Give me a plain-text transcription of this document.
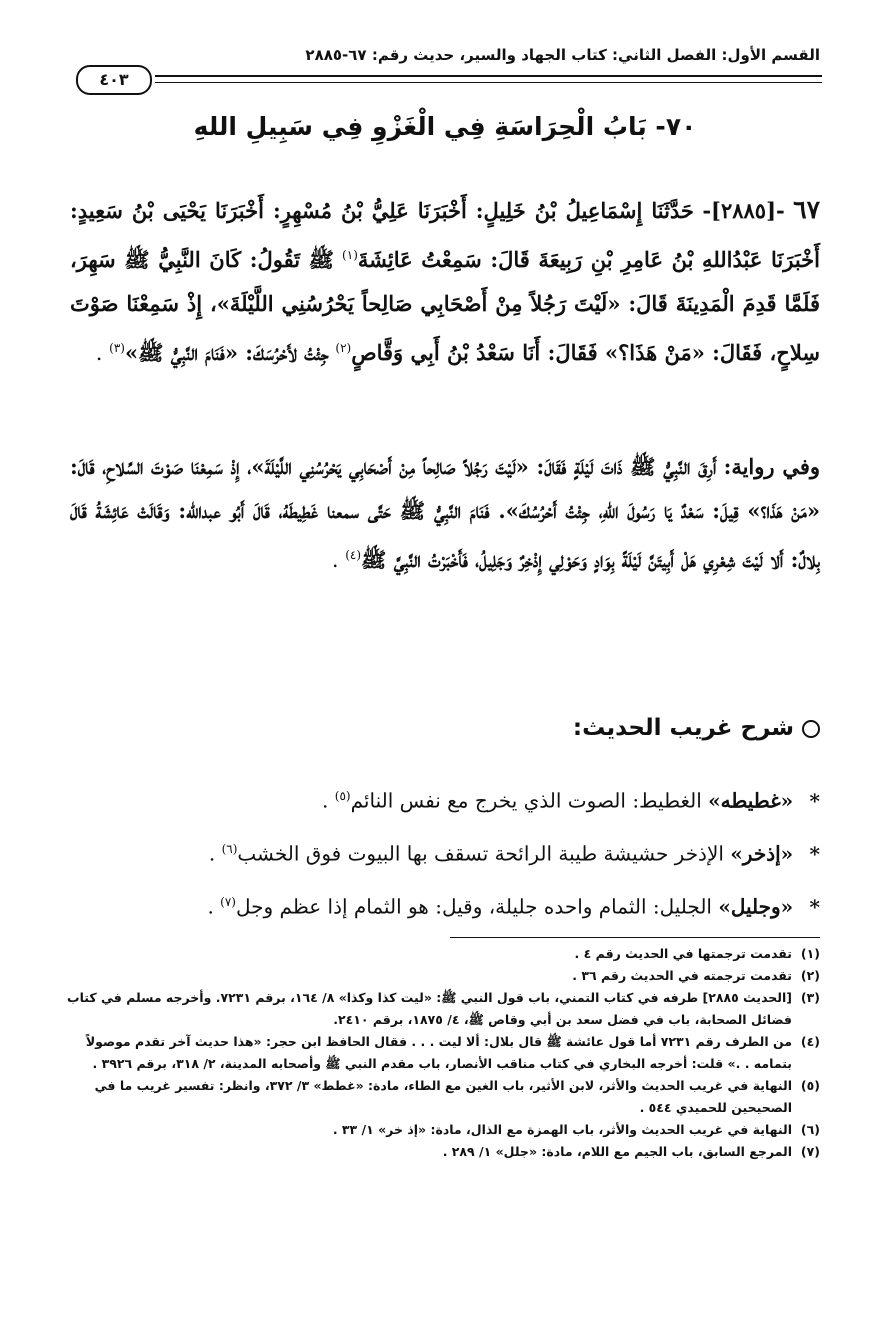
القسم الأول: الفصل الثاني: كتاب الجهاد والسير، حديث رقم: ٦٧-٢٨٨٥
٤٠٣
٧٠- بَابُ الْحِرَاسَةِ فِي الْغَزْوِ فِي سَبِيلِ اللهِ
٦٧ -[٢٨٨٥]- حَدَّثَنَا إِسْمَاعِيلُ بْنُ خَلِيلٍ: أَخْبَرَنَا عَلِيُّ بْنُ مُسْهِرٍ: أَخْبَرَنَا يَحْيَى بْنُ سَعِيدٍ: أَخْبَرَنَا عَبْدُاللهِ بْنُ عَامِرِ بْنِ رَبِيعَةَ قَالَ: سَمِعْتُ عَائِشَةَ$^{(١)}$ ﷺ تَقُولُ: كَانَ النَّبِيُّ ﷺ سَهِرَ، فَلَمَّا قَدِمَ الْمَدِينَةَ قَالَ: «لَيْتَ رَجُلاً مِنْ أَصْحَابِي صَالِحاً يَحْرُسُنِي اللَّيْلَةَ»، إِذْ سَمِعْنَا صَوْتَ سِلاحٍ، فَقَالَ: «مَنْ هَذَا؟» فَقَالَ: أَنَا سَعْدُ بْنُ أَبِي وَقَّاصٍ$^{(٢)}$ جِئْتُ لأَحْرُسَكَ: «فَنَامَ النَّبِيُّ ﷺ»$^{(٣)}$ .
وفي رواية: أَرِقَ النَّبِيُّ ﷺ ذَاتَ لَيْلَةٍ فَقَالَ: «لَيْتَ رَجُلاً صَالِحاً مِنْ أَصْحَابِي يَحْرُسُنِي اللَّيْلَةَ»، إِذْ سَمِعْنَا صَوْتَ السِّلاحِ، قَالَ: «مَنْ هَذَا؟» قِيلَ: سَعْدٌ يَا رَسُولَ اللهِ، جِئْتُ أَحْرُسُكَ». فَنَامَ النَّبِيُّ ﷺ حَتَّى سمعنا غَطِيطَهُ، قَالَ أَبُو عبدالله: وَقَالَتْ عَائِشَةُ قَالَ بِلالٌ: أَلا لَيْتَ شِعْرِي هَلْ أَبِيتَنَّ لَيْلَةً بِوَادٍ وَحَوْلِي إِذْخِرٌ وَجَلِيلُ، فَأَخْبَرْتُ النَّبِيَّ ﷺ$^{(٤)}$ .
شرح غريب الحديث:
* «غطيطه» الغطيط: الصوت الذي يخرج مع نفس النائم$^{(٥)}$ .
* «إذخر» الإذخر حشيشة طيبة الرائحة تسقف بها البيوت فوق الخشب$^{(٦)}$ .
* «وجليل» الجليل: الثمام واحده جليلة، وقيل: هو الثمام إذا عظم وجل$^{(٧)}$ .
(١)
تقدمت ترجمتها في الحديث رقم ٤ .
(٢)
تقدمت ترجمته في الحديث رقم ٣٦ .
(٣)
[الحديث ٢٨٨٥] طرفه في كتاب التمني، باب قول النبي ﷺ: «ليت كذا وكذا» ٨/ ١٦٤، برقم ٧٢٣١. وأخرجه مسلم في كتاب فضائل الصحابة، باب في فضل سعد بن أبي وقاص ﷺ، ٤/ ١٨٧٥، برقم ٢٤١٠.
(٤)
من الطرف رقم ٧٢٣١ أما قول عائشة ﷺ قال بلال: ألا ليت . . . فقال الحافظ ابن حجر: «هذا حديث آخر تقدم موصولاً بتمامه . .» قلت: أخرجه البخاري في كتاب مناقب الأنصار، باب مقدم النبي ﷺ وأصحابه المدينة، ٢/ ٣١٨، برقم ٣٩٢٦ .
(٥)
النهاية في غريب الحديث والأثر، لابن الأثير، باب الغين مع الطاء، مادة: «غطط» ٣/ ٣٧٢، وانظر: تفسير غريب ما في الصحيحين للحميدي ٥٤٤ .
(٦)
النهاية في غريب الحديث والأثر، باب الهمزة مع الذال، مادة: «إذ خر» ١/ ٣٣ .
(٧)
المرجع السابق، باب الجيم مع اللام، مادة: «جلل» ١/ ٢٨٩ .
